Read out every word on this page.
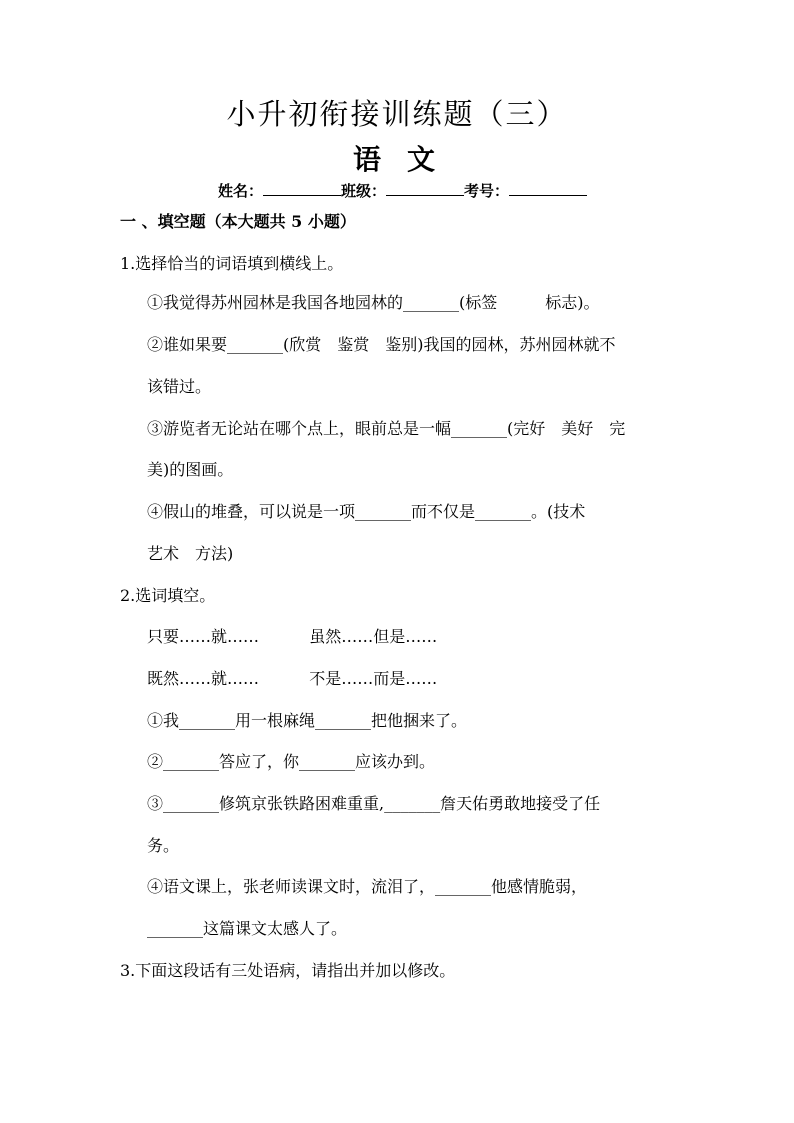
小升初衔接训练题（三）
语文
姓名：	班级：	考号：
一 、填空题（本大题共 5 小题）
1.选择恰当的词语填到横线上。
①我觉得苏州园林是我国各地园林的_______(标签　　　标志)。
②谁如果要_______(欣赏　鉴赏　鉴别)我国的园林，苏州园林就不
该错过。
③游览者无论站在哪个点上，眼前总是一幅_______(完好　美好　完
美)的图画。
④假山的堆叠，可以说是一项_______而不仅是_______。(技术
艺术　方法)
2.选词填空。
只要……就……	虽然……但是……
既然……就……	不是……而是……
①我_______用一根麻绳_______把他捆来了。
②_______答应了，你_______应该办到。
③_______修筑京张铁路困难重重,_______詹天佑勇敢地接受了任
务。
④语文课上，张老师读课文时，流泪了，_______他感情脆弱，
_______这篇课文太感人了。
3.下面这段话有三处语病，请指出并加以修改。
